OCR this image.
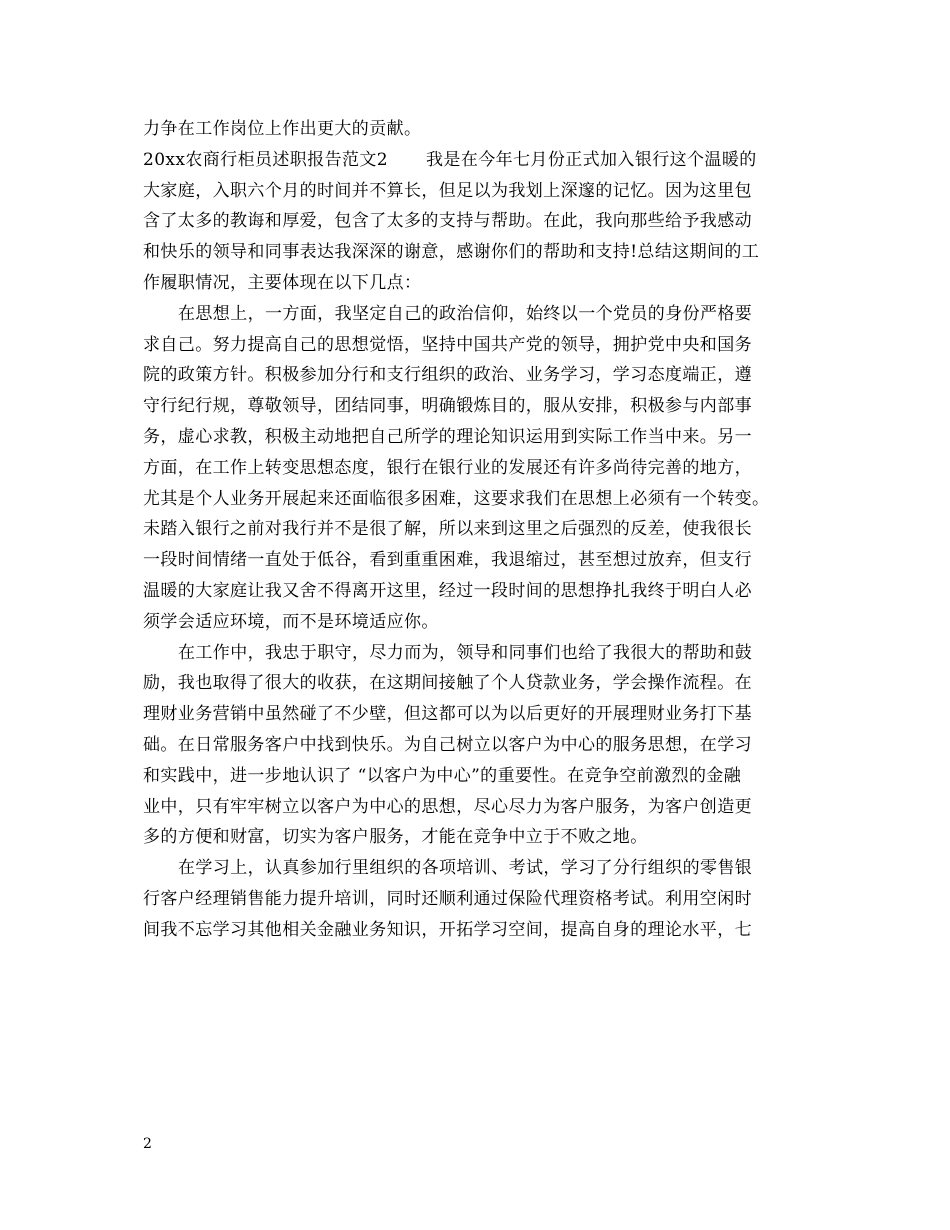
力争在工作岗位上作出更大的贡献。
20xx农商行柜员述职报告范文2 我是在今年七月份正式加入银行这个温暖的
大家庭，入职六个月的时间并不算长，但足以为我划上深邃的记忆。因为这里包
含了太多的教诲和厚爱，包含了太多的支持与帮助。在此，我向那些给予我感动
和快乐的领导和同事表达我深深的谢意，感谢你们的帮助和支持!总结这期间的工
作履职情况，主要体现在以下几点：
在思想上，一方面，我坚定自己的政治信仰，始终以一个党员的身份严格要
求自己。努力提高自己的思想觉悟，坚持中国共产党的领导，拥护党中央和国务
院的政策方针。积极参加分行和支行组织的政治、业务学习，学习态度端正，遵
守行纪行规，尊敬领导，团结同事，明确锻炼目的，服从安排，积极参与内部事
务，虚心求教，积极主动地把自己所学的理论知识运用到实际工作当中来。另一
方面，在工作上转变思想态度，银行在银行业的发展还有许多尚待完善的地方，
尤其是个人业务开展起来还面临很多困难，这要求我们在思想上必须有一个转变。
未踏入银行之前对我行并不是很了解，所以来到这里之后强烈的反差，使我很长
一段时间情绪一直处于低谷，看到重重困难，我退缩过，甚至想过放弃，但支行
温暖的大家庭让我又舍不得离开这里，经过一段时间的思想挣扎我终于明白人必
须学会适应环境，而不是环境适应你。
在工作中，我忠于职守，尽力而为，领导和同事们也给了我很大的帮助和鼓
励，我也取得了很大的收获，在这期间接触了个人贷款业务，学会操作流程。在
理财业务营销中虽然碰了不少壁，但这都可以为以后更好的开展理财业务打下基
础。在日常服务客户中找到快乐。为自己树立以客户为中心的服务思想，在学习
和实践中，进一步地认识了 “以客户为中心”的重要性。在竞争空前激烈的金融
业中，只有牢牢树立以客户为中心的思想，尽心尽力为客户服务，为客户创造更
多的方便和财富，切实为客户服务，才能在竞争中立于不败之地。
在学习上，认真参加行里组织的各项培训、考试，学习了分行组织的零售银
行客户经理销售能力提升培训，同时还顺利通过保险代理资格考试。利用空闲时
间我不忘学习其他相关金融业务知识，开拓学习空间，提高自身的理论水平，七
2
